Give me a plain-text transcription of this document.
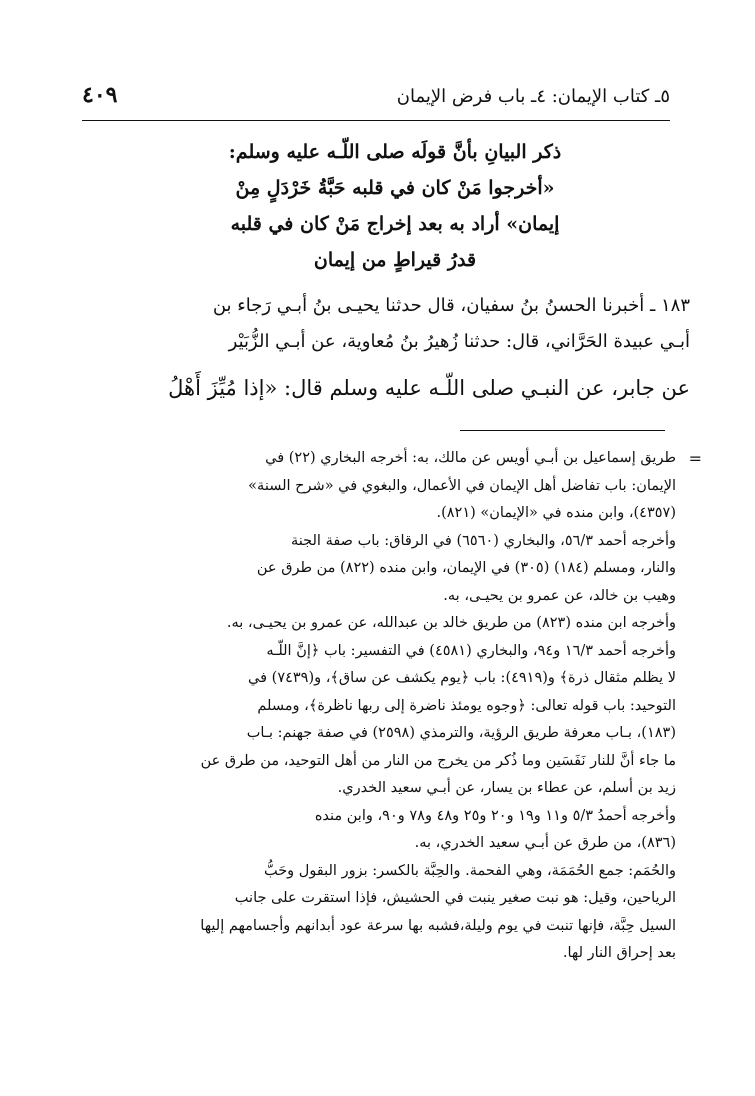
٥ـ كتاب الإيمان: ٤ـ باب فرض الإيمان
٤٠٩
ذكر البيانِ بأنَّ قولَه صلى اللّـه عليه وسلم:
«أخرجوا مَنْ كان في قلبه حَبَّةُ خَرْدَلٍ مِنْ
إيمان» أراد به بعد إخراج مَنْ كان في قلبه
قدرُ قيراطٍ من إيمان
١٨٣ ـ أخبرنا الحسنُ بنُ سفيان، قال حدثنا يحيـى بنُ أبـي رَجاء بن
أبـي عبيدة الحَرَّاني، قال: حدثنا زُهيرُ بنُ مُعاوية، عن أبـي الزُّبَيْر
عن جابر، عن النبـي صلى اللّـه عليه وسلم قال: «إذا مُيِّزَ أَهْلُ
=
طريق إسماعيل بن أبـي أويس عن مالك، به: أخرجه البخاري (٢٢) في
الإيمان: باب تفاضل أهل الإيمان في الأعمال، والبغوي في «شرح السنة»
(٤٣٥٧)، وابن منده في «الإيمان» (٨٢١).
وأخرجه أحمد ٥٦/٣، والبخاري (٦٥٦٠) في الرقاق: باب صفة الجنة
والنار، ومسلم (١٨٤) (٣٠٥) في الإيمان، وابن منده (٨٢٢) من طرق عن
وهيب بن خالد، عن عمرو بن يحيـى، به.
وأخرجه ابن منده (٨٢٣) من طريق خالد بن عبدالله، عن عمرو بن يحيـى، به.
وأخرجه أحمد ١٦/٣ و٩٤، والبخاري (٤٥٨١) في التفسير: باب ﴿إنَّ اللّـه
لا يظلم مثقال ذرة﴾ و(٤٩١٩): باب ﴿يوم يكشف عن ساق﴾، و(٧٤٣٩) في
التوحيد: باب قوله تعالى: ﴿وجوه يومئذ ناضرة إلى ربها ناظرة﴾، ومسلم
(١٨٣)، بـاب معرفة طريق الرؤية، والترمذي (٢٥٩٨) في صفة جهنم: بـاب
ما جاء أنَّ للنار نَفَسَين وما ذُكر من يخرج من النار من أهل التوحيد، من طرق عن
زيد بن أسلم، عن عطاء بن يسار، عن أبـي سعيد الخدري.
وأخرجه أحمدُ ٥/٣ و١١ و١٩ و٢٠ و٢٥ و٤٨ و٧٨ و٩٠، وابن منده
(٨٣٦)، من طرق عن أبـي سعيد الخدري، به.
والحُمَم: جمع الحُمَمَة، وهي الفحمة. والحِبَّة بالكسر: بزور البقول وحَبُّ
الرياحين، وقيل: هو نبت صغير ينبت في الحشيش، فإذا استقرت على جانب
السيل حِبَّة، فإنها تنبت في يوم وليلة،فشبه بها سرعة عود أبدانهم وأجسامهم إليها
بعد إحراق النار لها.
